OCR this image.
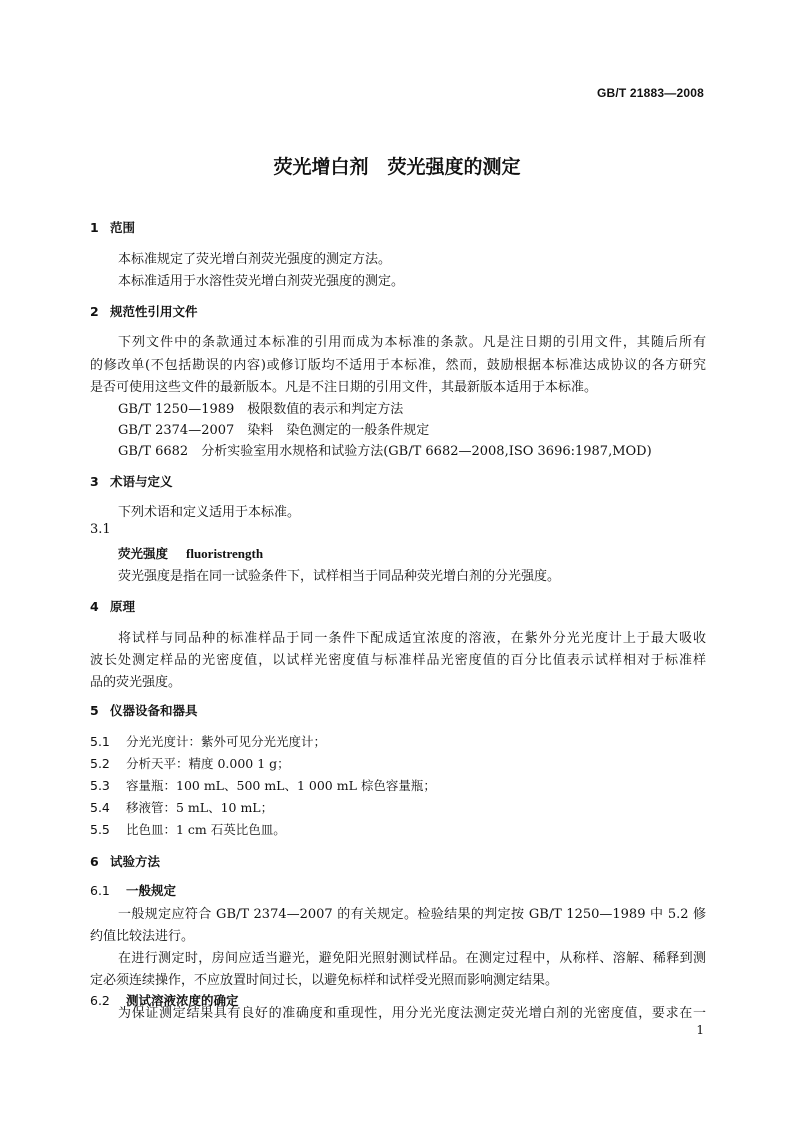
GB/T 21883—2008
荧光增白剂　荧光强度的测定
1 范围
本标准规定了荧光增白剂荧光强度的测定方法。
本标准适用于水溶性荧光增白剂荧光强度的测定。
2 规范性引用文件
下列文件中的条款通过本标准的引用而成为本标准的条款。凡是注日期的引用文件，其随后所有
的修改单(不包括勘误的内容)或修订版均不适用于本标准，然而，鼓励根据本标准达成协议的各方研究
是否可使用这些文件的最新版本。凡是不注日期的引用文件，其最新版本适用于本标准。
GB/T 1250—1989　极限数值的表示和判定方法
GB/T 2374—2007　染料　染色测定的一般条件规定
GB/T 6682　分析实验室用水规格和试验方法(GB/T 6682—2008,ISO 3696:1987,MOD)
3 术语与定义
下列术语和定义适用于本标准。
3.1
荧光强度 fluoristrength
荧光强度是指在同一试验条件下，试样相当于同品种荧光增白剂的分光强度。
4 原理
将试样与同品种的标准样品于同一条件下配成适宜浓度的溶液，在紫外分光光度计上于最大吸收
波长处测定样品的光密度值，以试样光密度值与标准样品光密度值的百分比值表示试样相对于标准样
品的荧光强度。
5 仪器设备和器具
5.1 分光光度计：紫外可见分光光度计；
5.2 分析天平：精度 0.000 1 g；
5.3 容量瓶：100 mL、500 mL、1 000 mL 棕色容量瓶；
5.4 移液管：5 mL、10 mL；
5.5 比色皿：1 cm 石英比色皿。
6 试验方法
6.1 一般规定
一般规定应符合 GB/T 2374—2007 的有关规定。检验结果的判定按 GB/T 1250—1989 中 5.2 修
约值比较法进行。
在进行测定时，房间应适当避光，避免阳光照射测试样品。在测定过程中，从称样、溶解、稀释到测
定必须连续操作，不应放置时间过长，以避免标样和试样受光照而影响测定结果。
6.2 测试溶液浓度的确定
为保证测定结果具有良好的准确度和重现性，用分光光度法测定荧光增白剂的光密度值，要求在一
1
